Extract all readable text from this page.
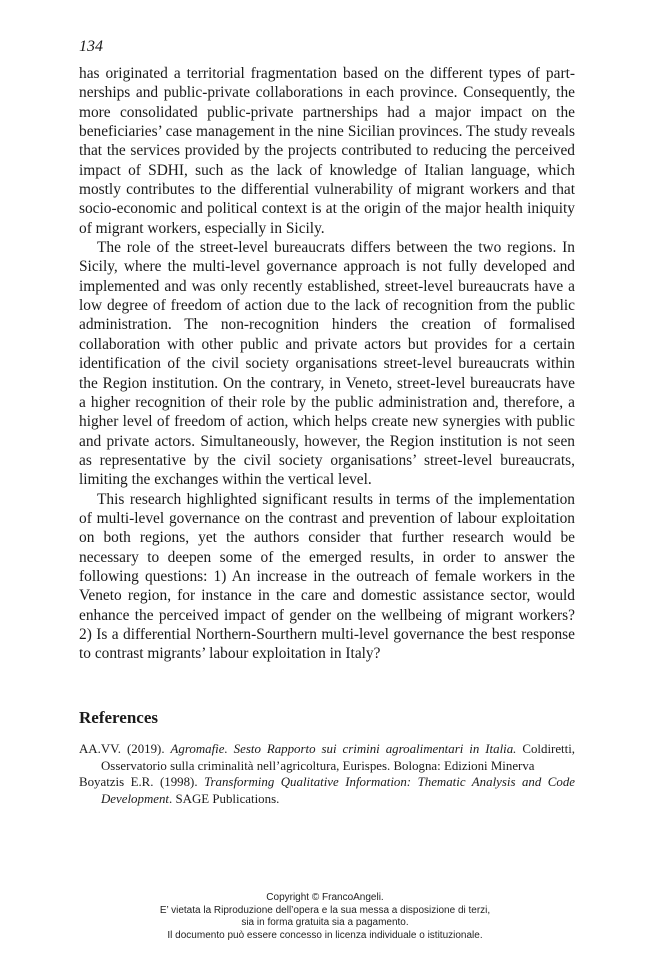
134

has originated a territorial fragmentation based on the different types of partnerships and public-private collaborations in each province. Consequently, the more consolidated public-private partnerships had a major impact on the beneficiaries’ case management in the nine Sicilian provinces. The study reveals that the services provided by the projects contributed to reducing the perceived impact of SDHI, such as the lack of knowledge of Italian language, which mostly contributes to the differential vulnerability of migrant workers and that socio-economic and political context is at the origin of the major health iniquity of migrant workers, especially in Sicily.

The role of the street-level bureaucrats differs between the two regions. In Sicily, where the multi-level governance approach is not fully developed and implemented and was only recently established, street-level bureaucrats have a low degree of freedom of action due to the lack of recognition from the public administration. The non-recognition hinders the creation of formalised collaboration with other public and private actors but provides for a certain identification of the civil society organisations street-level bureaucrats within the Region institution. On the contrary, in Veneto, street-level bureaucrats have a higher recognition of their role by the public administration and, therefore, a higher level of freedom of action, which helps create new synergies with public and private actors. Simultaneously, however, the Region institution is not seen as representative by the civil society organisations’ street-level bureaucrats, limiting the exchanges within the vertical level.

This research highlighted significant results in terms of the implementation of multi-level governance on the contrast and prevention of labour exploitation on both regions, yet the authors consider that further research would be necessary to deepen some of the emerged results, in order to answer the following questions: 1) An increase in the outreach of female workers in the Veneto region, for instance in the care and domestic assistance sector, would enhance the perceived impact of gender on the wellbeing of migrant workers? 2) Is a differential Northern-Sourthern multi-level governance the best response to contrast migrants’ labour exploitation in Italy?

References

AA.VV. (2019). Agromafie. Sesto Rapporto sui crimini agroalimentari in Italia. Coldiretti, Osservatorio sulla criminalità nell’agricoltura, Eurispes. Bologna: Edizioni Minerva

Boyatzis E.R. (1998). Transforming Qualitative Information: Thematic Analysis and Code Development. SAGE Publications.

Copyright © FrancoAngeli.
E’ vietata la Riproduzione dell’opera e la sua messa a disposizione di terzi,
sia in forma gratuita sia a pagamento.
Il documento può essere concesso in licenza individuale o istituzionale.
